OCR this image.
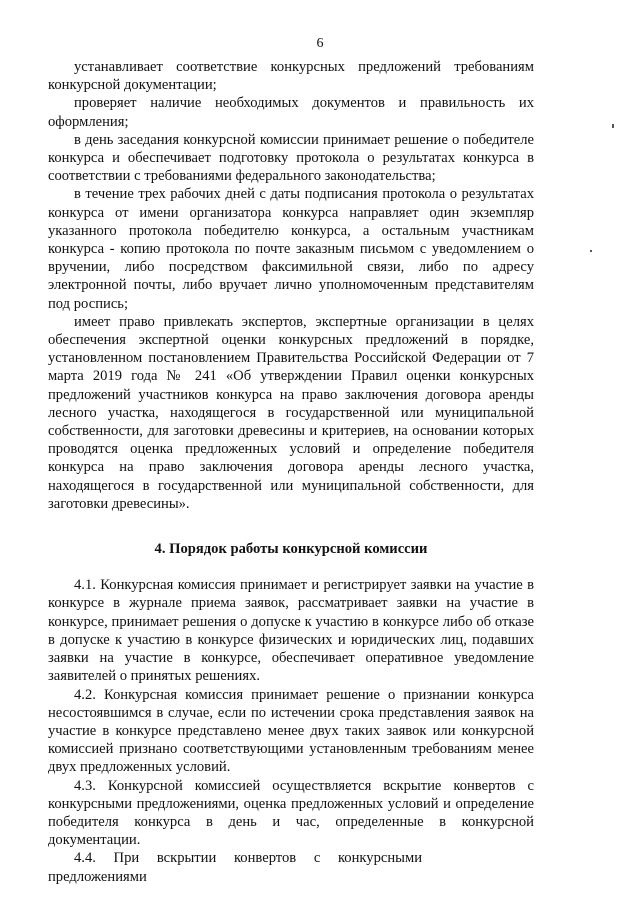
6

устанавливает соответствие конкурсных предложений требованиям конкурсной документации;

проверяет наличие необходимых документов и правильность их оформления;

в день заседания конкурсной комиссии принимает решение о победителе конкурса и обеспечивает подготовку протокола о результатах конкурса в соответствии с требованиями федерального законодательства;

в течение трех рабочих дней с даты подписания протокола о результатах конкурса от имени организатора конкурса направляет один экземпляр указанного протокола победителю конкурса, а остальным участникам конкурса - копию протокола по почте заказным письмом с уведомлением о вручении, либо посредством факсимильной связи, либо по адресу электронной почты, либо вручает лично уполномоченным представителям под роспись;

имеет право привлекать экспертов, экспертные организации в целях обеспечения экспертной оценки конкурсных предложений в порядке, установленном постановлением Правительства Российской Федерации от 7 марта 2019 года № 241 «Об утверждении Правил оценки конкурсных предложений участников конкурса на право заключения договора аренды лесного участка, находящегося в государственной или муниципальной собственности, для заготовки древесины и критериев, на основании которых проводятся оценка предложенных условий и определение победителя конкурса на право заключения договора аренды лесного участка, находящегося в государственной или муниципальной собственности, для заготовки древесины».

4. Порядок работы конкурсной комиссии

4.1. Конкурсная комиссия принимает и регистрирует заявки на участие в конкурсе в журнале приема заявок, рассматривает заявки на участие в конкурсе, принимает решения о допуске к участию в конкурсе либо об отказе в допуске к участию в конкурсе физических и юридических лиц, подавших заявки на участие в конкурсе, обеспечивает оперативное уведомление заявителей о принятых решениях.

4.2. Конкурсная комиссия принимает решение о признании конкурса несостоявшимся в случае, если по истечении срока представления заявок на участие в конкурсе представлено менее двух таких заявок или конкурсной комиссией признано соответствующими установленным требованиям менее двух предложенных условий.

4.3. Конкурсной комиссией осуществляется вскрытие конвертов с конкурсными предложениями, оценка предложенных условий и определение победителя конкурса в день и час, определенные в конкурсной документации.

4.4. При вскрытии конвертов с конкурсными предложениями
